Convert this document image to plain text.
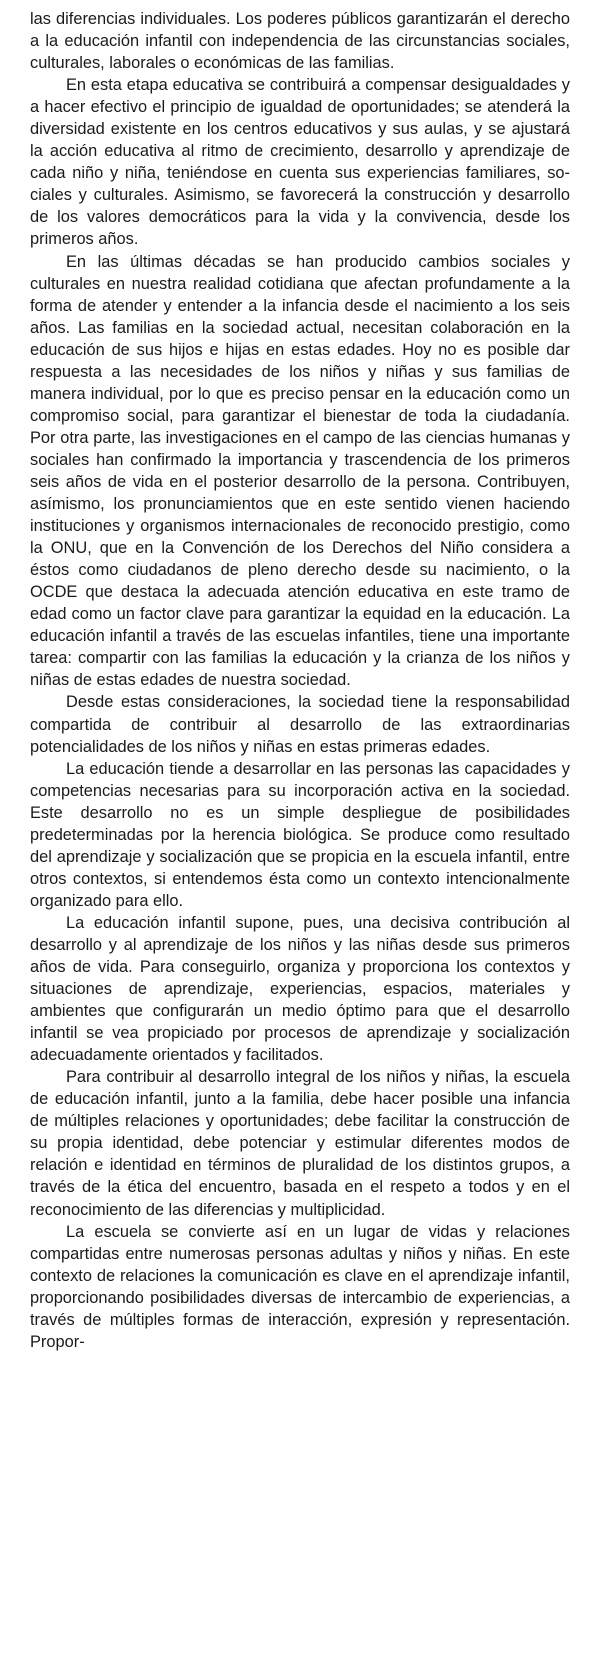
las diferencias individuales. Los poderes públicos garantizarán el derecho a la educación infantil con independencia de las circunstancias sociales, culturales, laborales o económicas de las familias.

En esta etapa educativa se contribuirá a compensar desigualdades y a hacer efectivo el principio de igualdad de oportunidades; se atenderá la diversidad existente en los centros educativos y sus aulas, y se ajustará la acción educativa al ritmo de crecimiento, desarrollo y aprendizaje de cada niño y niña, teniéndose en cuenta sus experiencias familiares, sociales y culturales. Asimismo, se favorecerá la construcción y desarrollo de los valores democráticos para la vida y la convivencia, desde los primeros años.

En las últimas décadas se han producido cambios sociales y culturales en nuestra realidad cotidiana que afectan profundamente a la forma de atender y entender a la infancia desde el nacimiento a los seis años. Las familias en la sociedad actual, necesitan colaboración en la educación de sus hijos e hijas en estas edades. Hoy no es posible dar respuesta a las necesidades de los niños y niñas y sus familias de manera individual, por lo que es preciso pensar en la educación como un compromiso social, para garantizar el bienestar de toda la ciudadanía. Por otra parte, las investigaciones en el campo de las ciencias humanas y sociales han confirmado la importancia y trascendencia de los primeros seis años de vida en el posterior desarrollo de la persona. Contribuyen, asímismo, los pronunciamientos que en este sentido vienen haciendo instituciones y organismos internacionales de reconocido prestigio, como la ONU, que en la Convención de los Derechos del Niño considera a éstos como ciudadanos de pleno derecho desde su nacimiento, o la OCDE que destaca la adecuada atención educativa en este tramo de edad como un factor clave para garantizar la equidad en la educación. La educación infantil a través de las escuelas infantiles, tiene una importante tarea: compartir con las familias la educación y la crianza de los niños y niñas de estas edades de nuestra sociedad.

Desde estas consideraciones, la sociedad tiene la responsabilidad compartida de contribuir al desarrollo de las extraordinarias potencialidades de los niños y niñas en estas primeras edades.

La educación tiende a desarrollar en las personas las capacidades y competencias necesarias para su incorporación activa en la sociedad. Este desarrollo no es un simple despliegue de posibilidades predeterminadas por la herencia biológica. Se produce como resultado del aprendizaje y socialización que se propicia en la escuela infantil, entre otros contextos, si entendemos ésta como un contexto intencionalmente organizado para ello.

La educación infantil supone, pues, una decisiva contribución al desarrollo y al aprendizaje de los niños y las niñas desde sus primeros años de vida. Para conseguirlo, organiza y proporciona los contextos y situaciones de aprendizaje, experiencias, espacios, materiales y ambientes que configurarán un medio óptimo para que el desarrollo infantil se vea propiciado por procesos de aprendizaje y socialización adecuadamente orientados y facilitados.

Para contribuir al desarrollo integral de los niños y niñas, la escuela de educación infantil, junto a la familia, debe hacer posible una infancia de múltiples relaciones y oportunidades; debe facilitar la construcción de su propia identidad, debe potenciar y estimular diferentes modos de relación e identidad en términos de pluralidad de los distintos grupos, a través de la ética del encuentro, basada en el respeto a todos y en el reconocimiento de las diferencias y multiplicidad.

La escuela se convierte así en un lugar de vidas y relaciones compartidas entre numerosas personas adultas y niños y niñas. En este contexto de relaciones la comunicación es clave en el aprendizaje infantil, proporcionando posibilidades diversas de intercambio de experiencias, a través de múltiples formas de interacción, expresión y representación. Propor-
